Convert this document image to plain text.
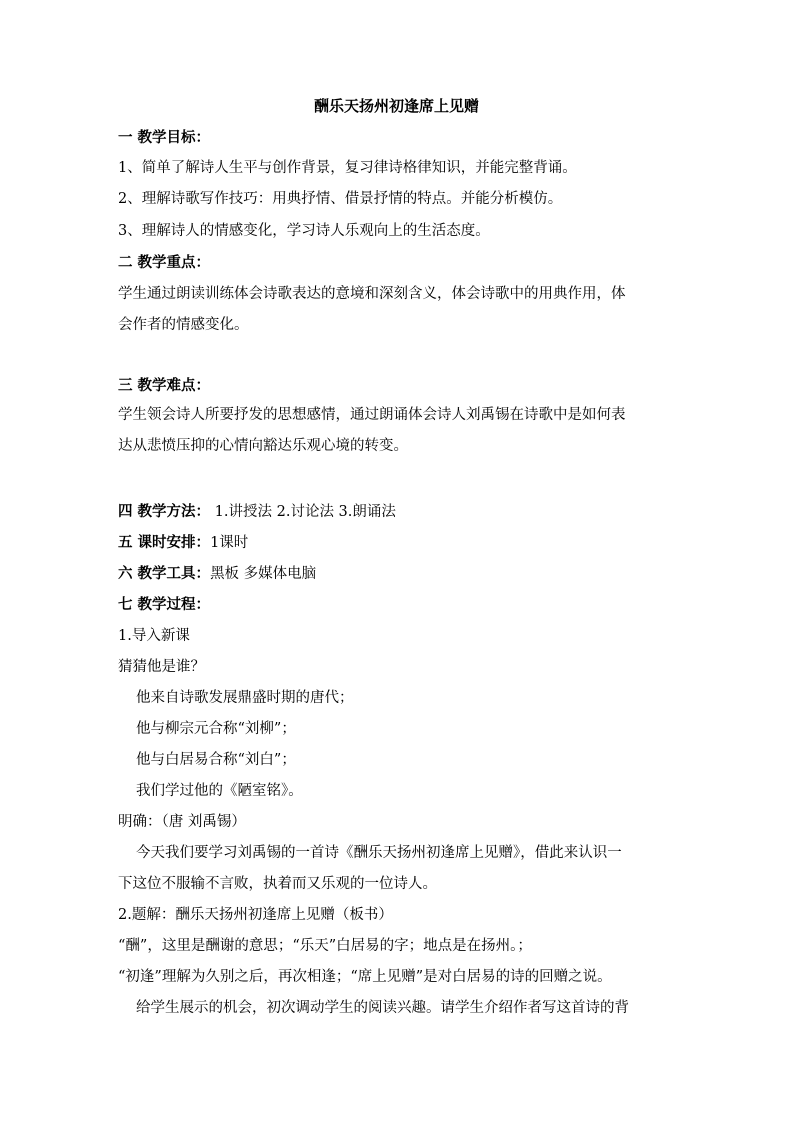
酬乐天扬州初逢席上见赠
一 教学目标：
1、简单了解诗人生平与创作背景，复习律诗格律知识，并能完整背诵。
2、理解诗歌写作技巧：用典抒情、借景抒情的特点。并能分析模仿。
3、理解诗人的情感变化，学习诗人乐观向上的生活态度。
二 教学重点：
学生通过朗读训练体会诗歌表达的意境和深刻含义，体会诗歌中的用典作用，体
会作者的情感变化。
三 教学难点：
学生领会诗人所要抒发的思想感情，通过朗诵体会诗人刘禹锡在诗歌中是如何表
达从悲愤压抑的心情向豁达乐观心境的转变。
四 教学方法： 1.讲授法 2.讨论法 3.朗诵法
五 课时安排：1课时
六 教学工具：黑板 多媒体电脑
七 教学过程：
1.导入新课
猜猜他是谁？
他来自诗歌发展鼎盛时期的唐代；
他与柳宗元合称“刘柳”；
他与白居易合称“刘白”；
我们学过他的《陋室铭》。
明确：（唐 刘禹锡）
今天我们要学习刘禹锡的一首诗《酬乐天扬州初逢席上见赠》，借此来认识一
下这位不服输不言败，执着而又乐观的一位诗人。
2.题解：酬乐天扬州初逢席上见赠（板书）
“酬”，这里是酬谢的意思；“乐天”白居易的字；地点是在扬州。；
“初逢”理解为久别之后，再次相逢；“席上见赠”是对白居易的诗的回赠之说。
给学生展示的机会，初次调动学生的阅读兴趣。请学生介绍作者写这首诗的背
